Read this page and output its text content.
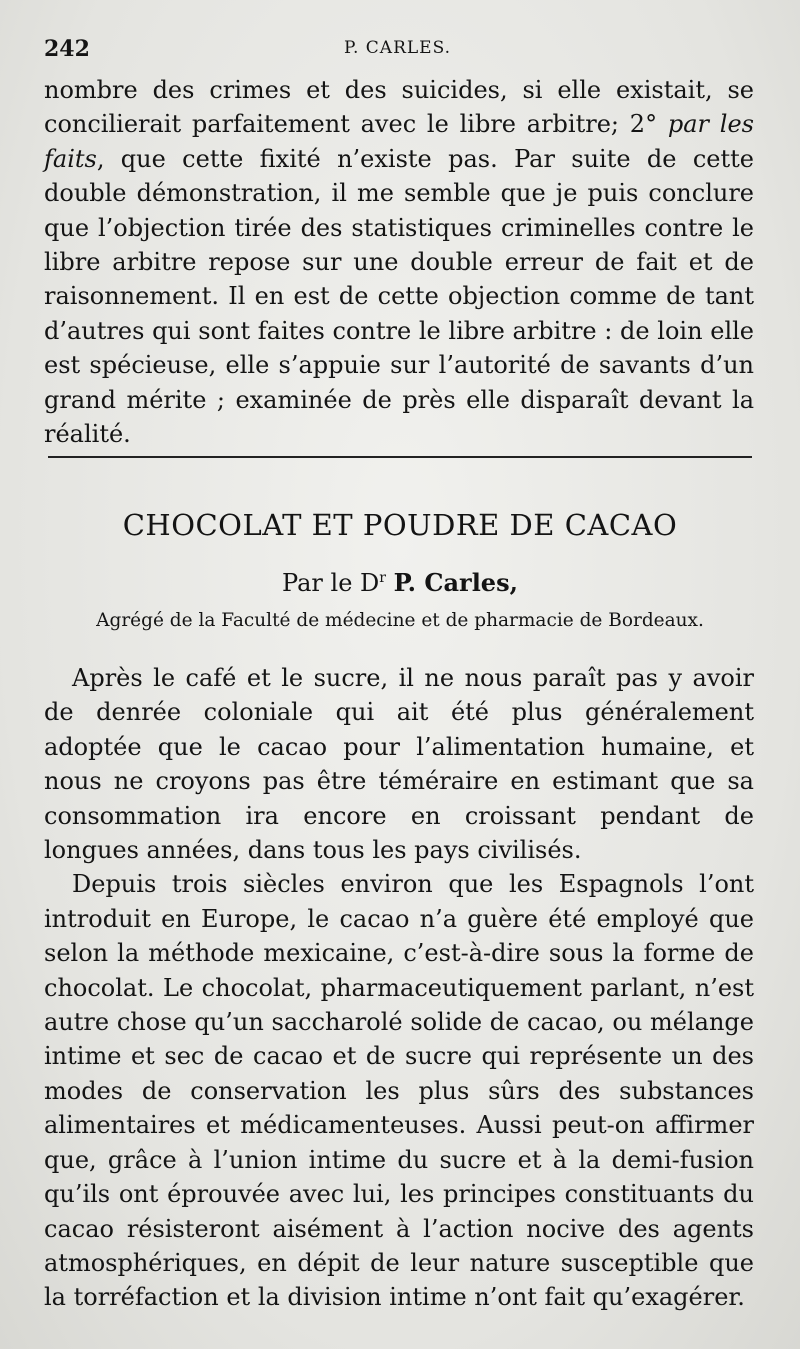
242	P. CARLES.

nombre des crimes et des suicides, si elle existait, se concilierait parfaitement avec le libre arbitre; 2° par les faits, que cette fixité n’existe pas. Par suite de cette double démonstration, il me semble que je puis conclure que l’objection tirée des statistiques criminelles contre le libre arbitre repose sur une double erreur de fait et de raisonnement. Il en est de cette objection comme de tant d’autres qui sont faites contre le libre arbitre : de loin elle est spécieuse, elle s’appuie sur l’autorité de savants d’un grand mérite ; examinée de près elle disparaît devant la réalité.

CHOCOLAT ET POUDRE DE CACAO
Par le $D^r$ P. Carles,
Agrégé de la Faculté de médecine et de pharmacie de Bordeaux.

Après le café et le sucre, il ne nous paraît pas y avoir de denrée coloniale qui ait été plus généralement adoptée que le cacao pour l’alimentation humaine, et nous ne croyons pas être téméraire en estimant que sa consommation ira encore en croissant pendant de longues années, dans tous les pays civilisés.

Depuis trois siècles environ que les Espagnols l’ont introduit en Europe, le cacao n’a guère été employé que selon la méthode mexicaine, c’est-à-dire sous la forme de chocolat. Le chocolat, pharmaceutiquement parlant, n’est autre chose qu’un saccharolé solide de cacao, ou mélange intime et sec de cacao et de sucre qui représente un des modes de conservation les plus sûrs des substances alimentaires et médicamenteuses. Aussi peut-on affirmer que, grâce à l’union intime du sucre et à la demi-fusion qu’ils ont éprouvée avec lui, les principes constituants du cacao résisteront aisément à l’action nocive des agents atmosphériques, en dépit de leur nature susceptible que la torréfaction et la division intime n’ont fait qu’exagérer.
